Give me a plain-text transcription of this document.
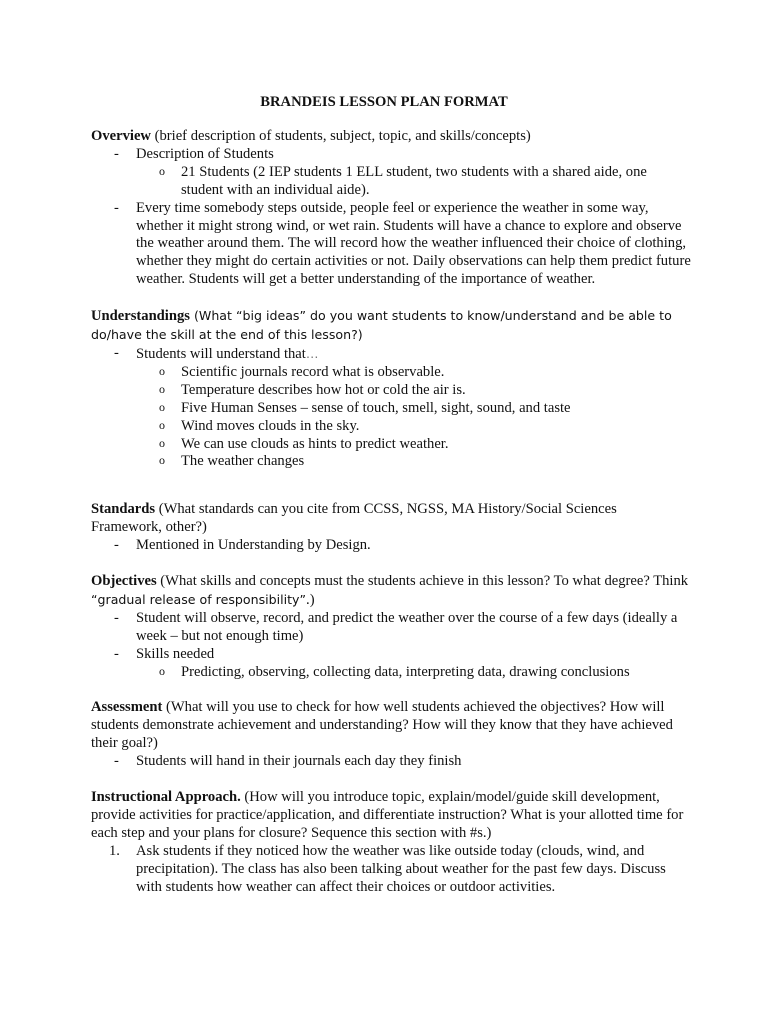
BRANDEIS LESSON PLAN FORMAT

Overview (brief description of students, subject, topic, and skills/concepts)

- Description of Students
o 21 Students (2 IEP students 1 ELL student, two students with a shared aide, one student with an individual aide).
- Every time somebody steps outside, people feel or experience the weather in some way, whether it might strong wind, or wet rain. Students will have a chance to explore and observe the weather around them. The will record how the weather influenced their choice of clothing, whether they might do certain activities or not. Daily observations can help them predict future weather. Students will get a better understanding of the importance of weather.

Understandings (What “big ideas” do you want students to know/understand and be able to do/have the skill at the end of this lesson?)

- Students will understand that…
o Scientific journals record what is observable.
o Temperature describes how hot or cold the air is.
o Five Human Senses – sense of touch, smell, sight, sound, and taste
o Wind moves clouds in the sky.
o We can use clouds as hints to predict weather.
o The weather changes

Standards (What standards can you cite from CCSS, NGSS, MA History/Social Sciences Framework, other?)

- Mentioned in Understanding by Design.

Objectives (What skills and concepts must the students achieve in this lesson? To what degree? Think “gradual release of responsibility”.)

- Student will observe, record, and predict the weather over the course of a few days (ideally a week – but not enough time)
- Skills needed
o Predicting, observing, collecting data, interpreting data, drawing conclusions

Assessment (What will you use to check for how well students achieved the objectives? How will students demonstrate achievement and understanding? How will they know that they have achieved their goal?)

- Students will hand in their journals each day they finish

Instructional Approach. (How will you introduce topic, explain/model/guide skill development, provide activities for practice/application, and differentiate instruction? What is your allotted time for each step and your plans for closure? Sequence this section with #s.)

1. Ask students if they noticed how the weather was like outside today (clouds, wind, and precipitation). The class has also been talking about weather for the past few days. Discuss with students how weather can affect their choices or outdoor activities.
